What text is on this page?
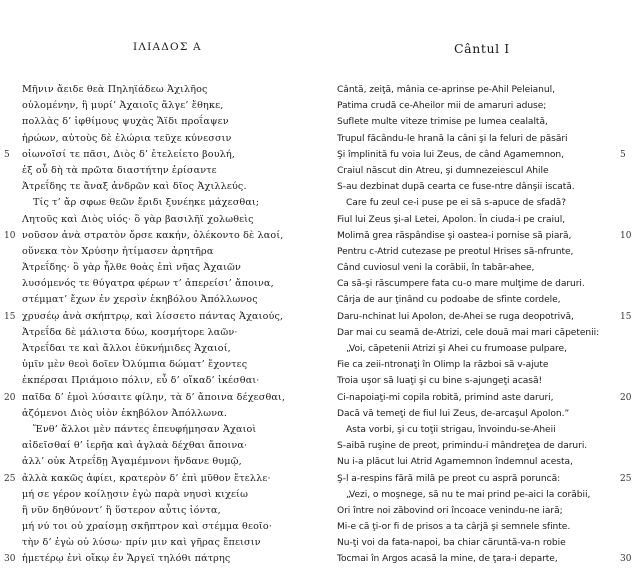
ΙΛΙΑΔΟΣ Α
Μῆνιν ἄειδε θεὰ Πηληϊάδεω Ἀχιλῆος
οὐλομένην, ἣ μυρί’ Ἀχαιοῖς ἄλγε’ ἔθηκε,
πολλὰς δ’ ἰφθίμους ψυχὰς Ἄϊδι προΐαψεν
ἡρώων, αὐτοὺς δὲ ἑλώρια τεῦχε κύνεσσιν
οἰωνοῖσί τε πᾶσι, Διὸς δ’ ἐτελείετο βουλή,
5
ἐξ οὗ δὴ τὰ πρῶτα διαστήτην ἐρίσαντε
Ἀτρεΐδης τε ἄναξ ἀνδρῶν καὶ δῖος Ἀχιλλεύς.
Τίς τ’ ἄρ σφωε θεῶν ἔριδι ξυνέηκε μάχεσθαι;
Λητοῦς καὶ Διὸς υἱός· ὃ γὰρ βασιλῆϊ χολωθεὶς
νοῦσον ἀνὰ στρατὸν ὄρσε κακήν, ὀλέκοντο δὲ λαοί,
10
οὕνεκα τὸν Χρύσην ἠτίμασεν ἀρητῆρα
Ἀτρεΐδης· ὃ γὰρ ἦλθε θοὰς ἐπὶ νῆας Ἀχαιῶν
λυσόμενός τε θύγατρα φέρων τ’ ἀπερείσι’ ἄποινα,
στέμματ’ ἔχων ἐν χερσὶν ἑκηβόλου Ἀπόλλωνος
χρυσέῳ ἀνὰ σκήπτρῳ, καὶ λίσσετο πάντας Ἀχαιούς,
15
Ἀτρεΐδα δὲ μάλιστα δύω, κοσμήτορε λαῶν·
Ἀτρεΐδαι τε καὶ ἄλλοι ἐϋκνήμιδες Ἀχαιοί,
ὑμῖν μὲν θεοὶ δοῖεν Ὀλύμπια δώματ’ ἔχοντες
ἐκπέρσαι Πριάμοιο πόλιν, εὖ δ’ οἴκαδ’ ἱκέσθαι·
παῖδα δ’ ἐμοὶ λύσαιτε φίλην, τὰ δ’ ἄποινα δέχεσθαι,
20
ἁζόμενοι Διὸς υἱὸν ἑκηβόλον Ἀπόλλωνα.
Ἔνθ’ ἄλλοι μὲν πάντες ἐπευφήμησαν Ἀχαιοὶ
αἰδεῖσθαί θ’ ἱερῆα καὶ ἀγλαὰ δέχθαι ἄποινα·
ἀλλ’ οὐκ Ἀτρεΐδῃ Ἀγαμέμνονι ἥνδανε θυμῷ,
ἀλλὰ κακῶς ἀφίει, κρατερὸν δ’ ἐπὶ μῦθον ἔτελλε·
25
μή σε γέρον κοίλῃσιν ἐγὼ παρὰ νηυσὶ κιχείω
ἢ νῦν δηθύνοντ’ ἢ ὕστερον αὖτις ἰόντα,
μή νύ τοι οὐ χραίσμῃ σκῆπτρον καὶ στέμμα θεοῖο·
τὴν δ’ ἐγὼ οὐ λύσω· πρίν μιν καὶ γῆρας ἔπεισιν
ἡμετέρῳ ἐνὶ οἴκῳ ἐν Ἄργεϊ τηλόθι πάτρης
30
Cântul I
Cântă, zeiţă, mânia ce-aprinse pe-Ahil Peleianul,
Patima crudă ce-Aheilor mii de amaruri aduse;
Suflete multe viteze trimise pe lumea cealaltă,
Trupul făcându-le hrană la câni şi la feluri de păsări
Şi împlinită fu voia lui Zeus, de când Agamemnon,	5
Craiul născut din Atreu, şi dumnezeiescul Ahile
S-au dezbinat după cearta ce fuse-ntre dânşii iscată.
Care fu zeul ce-i puse pe ei să s-apuce de sfadă?
Fiul lui Zeus şi-al Letei, Apolon. În ciuda-i pe craiul,
Molimă grea răspândise şi oastea-i pornise să piară,	10
Pentru c-Atrid cutezase pe preotul Hrises să-nfrunte,
Când cuviosul veni la corăbii, în tabăr-ahee,
Ca să-şi răscumpere fata cu-o mare mulţime de daruri.
Cârja de aur ţinând cu podoabe de sfinte cordele,
Daru-nchinat lui Apolon, de-Ahei se ruga deopotrivă,	15
Dar mai cu seamă de-Atrizi, cele două mai mari căpetenii:
„Voi, căpetenii Atrizi şi Ahei cu frumoase pulpare,
Fie ca zeii-ntronaţi în Olimp la război să v-ajute
Troia uşor să luaţi şi cu bine s-ajungeţi acasă!
Ci-napoiaţi-mi copila robită, primind aste daruri,	20
Dacă vă temeţi de fiul lui Zeus, de-arcaşul Apolon.”
Asta vorbi, şi cu toţii strigau, învoindu-se-Aheii
S-aibă ruşine de preot, primindu-i mândreţea de daruri.
Nu i-a plăcut lui Atrid Agamemnon îndemnul acesta,
Ş-l a-respins fără milă pe preot cu aspră poruncă:	25
„Vezi, o moşnege, să nu te mai prind pe-aici la corăbii,
Ori între noi zăbovind ori încoace venindu-ne iară;
Mi-e că ţi-or fi de prisos a ta cârjă şi semnele sfinte.
Nu-ţi voi da fata-napoi, ba chiar căruntă-va-n robie
Tocmai în Argos acasă la mine, de ţara-i departe,	30
